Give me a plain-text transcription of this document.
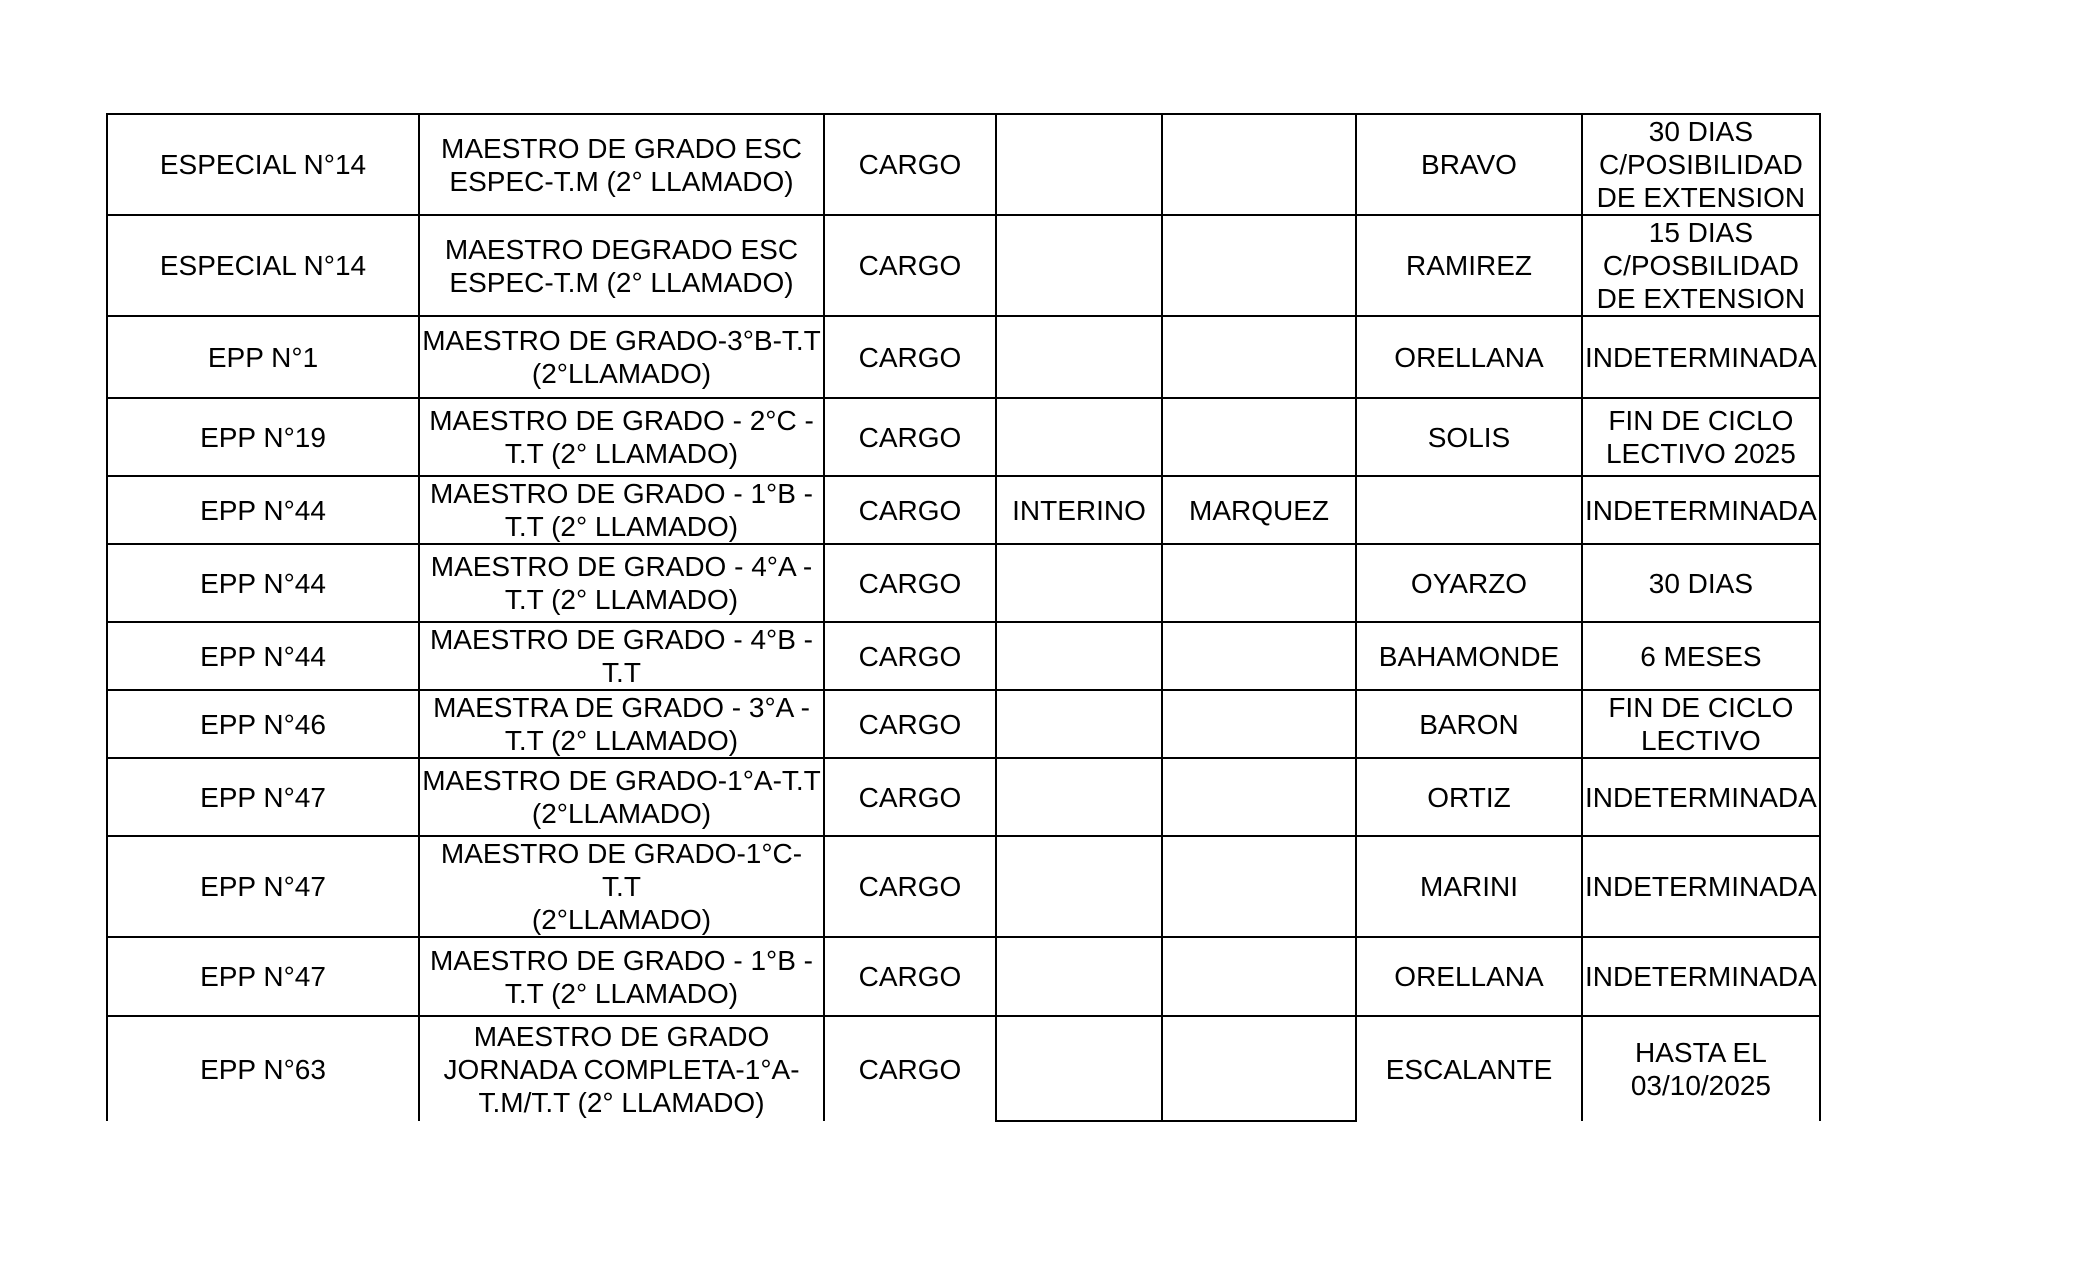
ESPECIAL N°14	MAESTRO DE GRADO ESC
ESPEC-T.M (2° LLAMADO)	CARGO			BRAVO	30 DIAS
C/POSIBILIDAD
DE EXTENSION
ESPECIAL N°14	MAESTRO DEGRADO ESC
ESPEC-T.M (2° LLAMADO)	CARGO			RAMIREZ	15 DIAS
C/POSBILIDAD
DE EXTENSION
EPP N°1	MAESTRO DE GRADO-3°B-T.T
(2°LLAMADO)	CARGO			ORELLANA	INDETERMINADA
EPP N°19	MAESTRO DE GRADO - 2°C -
T.T (2° LLAMADO)	CARGO			SOLIS	FIN DE CICLO
LECTIVO 2025
EPP N°44	MAESTRO DE GRADO - 1°B -
T.T (2° LLAMADO)	CARGO	INTERINO	MARQUEZ		INDETERMINADA
EPP N°44	MAESTRO DE GRADO - 4°A -
T.T (2° LLAMADO)	CARGO			OYARZO	30 DIAS
EPP N°44	MAESTRO DE GRADO - 4°B -
T.T	CARGO			BAHAMONDE	6 MESES
EPP N°46	MAESTRA DE GRADO - 3°A -
T.T (2° LLAMADO)	CARGO			BARON	FIN DE CICLO
LECTIVO
EPP N°47	MAESTRO DE GRADO-1°A-T.T
(2°LLAMADO)	CARGO			ORTIZ	INDETERMINADA
EPP N°47	MAESTRO DE GRADO-1°C-T.T
(2°LLAMADO)	CARGO			MARINI	INDETERMINADA
EPP N°47	MAESTRO DE GRADO - 1°B -
T.T (2° LLAMADO)	CARGO			ORELLANA	INDETERMINADA
EPP N°63	MAESTRO DE GRADO
JORNADA COMPLETA-1°A-
T.M/T.T (2° LLAMADO)	CARGO			ESCALANTE	HASTA EL
03/10/2025
